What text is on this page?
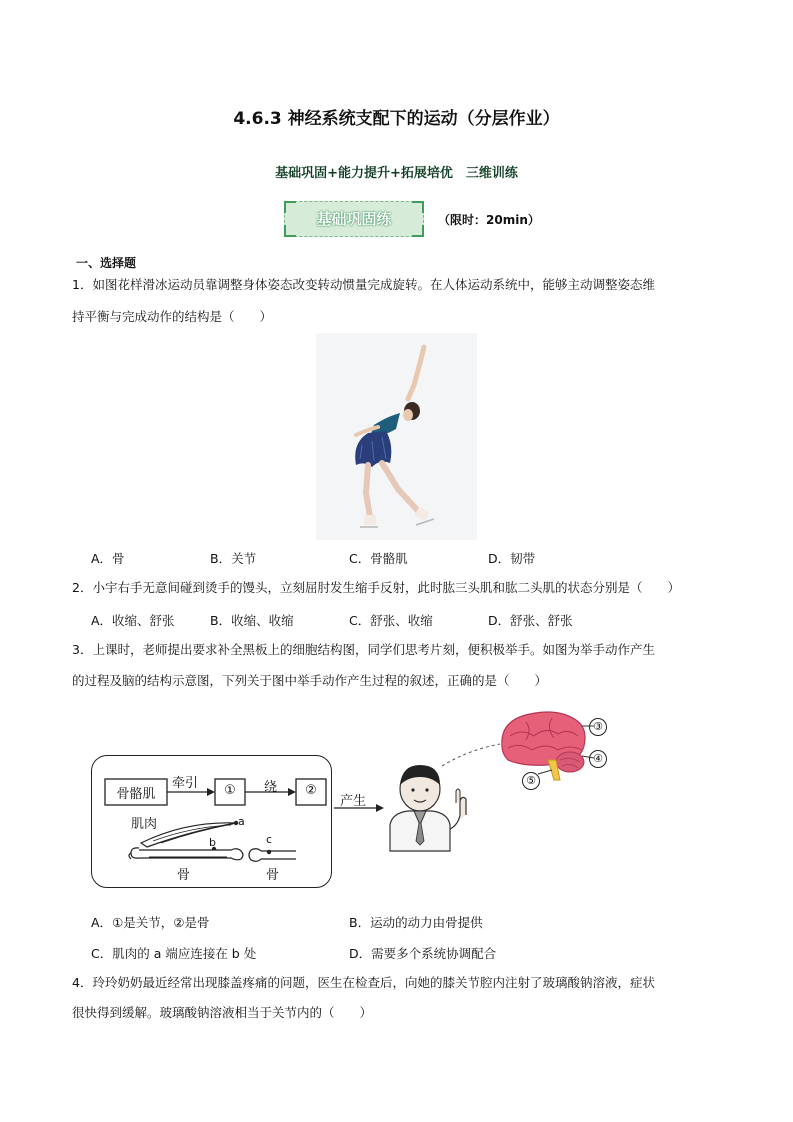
4.6.3 神经系统支配下的运动（分层作业）
基础巩固+能力提升+拓展培优　三维训练
基础巩固练	（限时：20min）
一、选择题
1．如图花样滑冰运动员靠调整身体姿态改变转动惯量完成旋转。在人体运动系统中，能够主动调整姿态维
持平衡与完成动作的结构是（　　）
A．骨	B．关节	C．骨骼肌	D．韧带
2．小宇右手无意间碰到烫手的馒头，立刻屈肘发生缩手反射，此时肱三头肌和肱二头肌的状态分别是（　　）
A．收缩、舒张	B．收缩、收缩	C．舒张、收缩	D．舒张、舒张
3．上课时，老师提出要求补全黑板上的细胞结构图，同学们思考片刻，便积极举手。如图为举手动作产生
的过程及脑的结构示意图，下列关于图中举手动作产生过程的叙述，正确的是（　　）
骨骼肌
牵引	①	绕	②
肌肉	a
b	c
骨	骨
产生
③
④
⑤
A．①是关节，②是骨	B．运动的动力由骨提供
C．肌肉的 a 端应连接在 b 处	D．需要多个系统协调配合
4．玲玲奶奶最近经常出现膝盖疼痛的问题，医生在检查后，向她的膝关节腔内注射了玻璃酸钠溶液，症状
很快得到缓解。玻璃酸钠溶液相当于关节内的（　　）
